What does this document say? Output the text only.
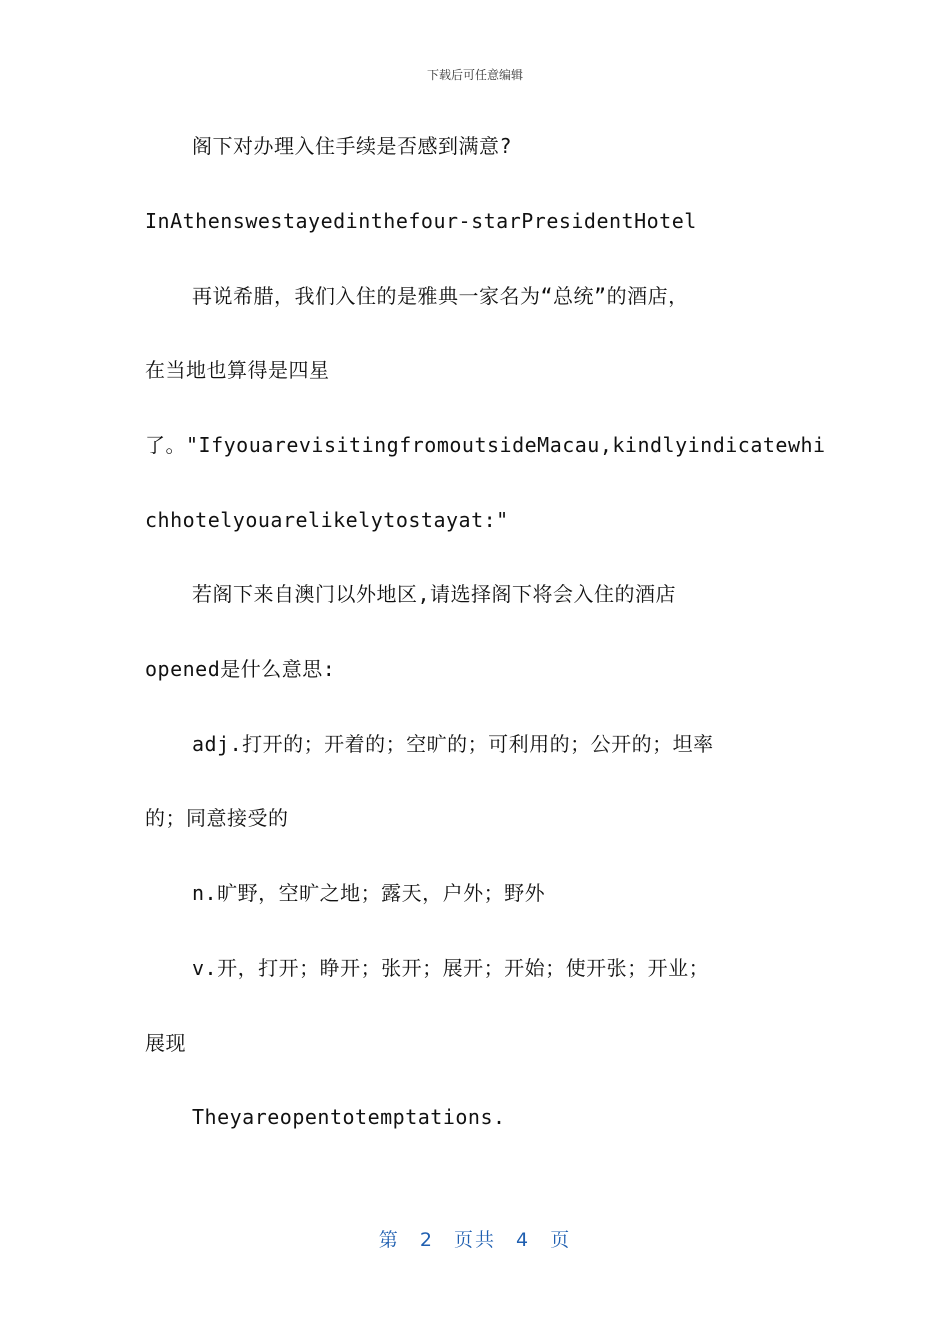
下载后可任意编辑
阁下对办理入住手续是否感到满意?
InAthenswestayedinthefour-starPresidentHotel
再说希腊，我们入住的是雅典一家名为“总统”的酒店，
在当地也算得是四星
了。"IfyouarevisitingfromoutsideMacau,kindlyindicatewhi
chhotelyouarelikelytostayat:"
若阁下来自澳门以外地区,请选择阁下将会入住的酒店
opened是什么意思:
adj.打开的；开着的；空旷的；可利用的；公开的；坦率
的；同意接受的
n.旷野，空旷之地；露天，户外；野外
v.开，打开；睁开；张开；展开；开始；使开张；开业；
展现
Theyareopentotemptations.
第 2 页共 4 页
